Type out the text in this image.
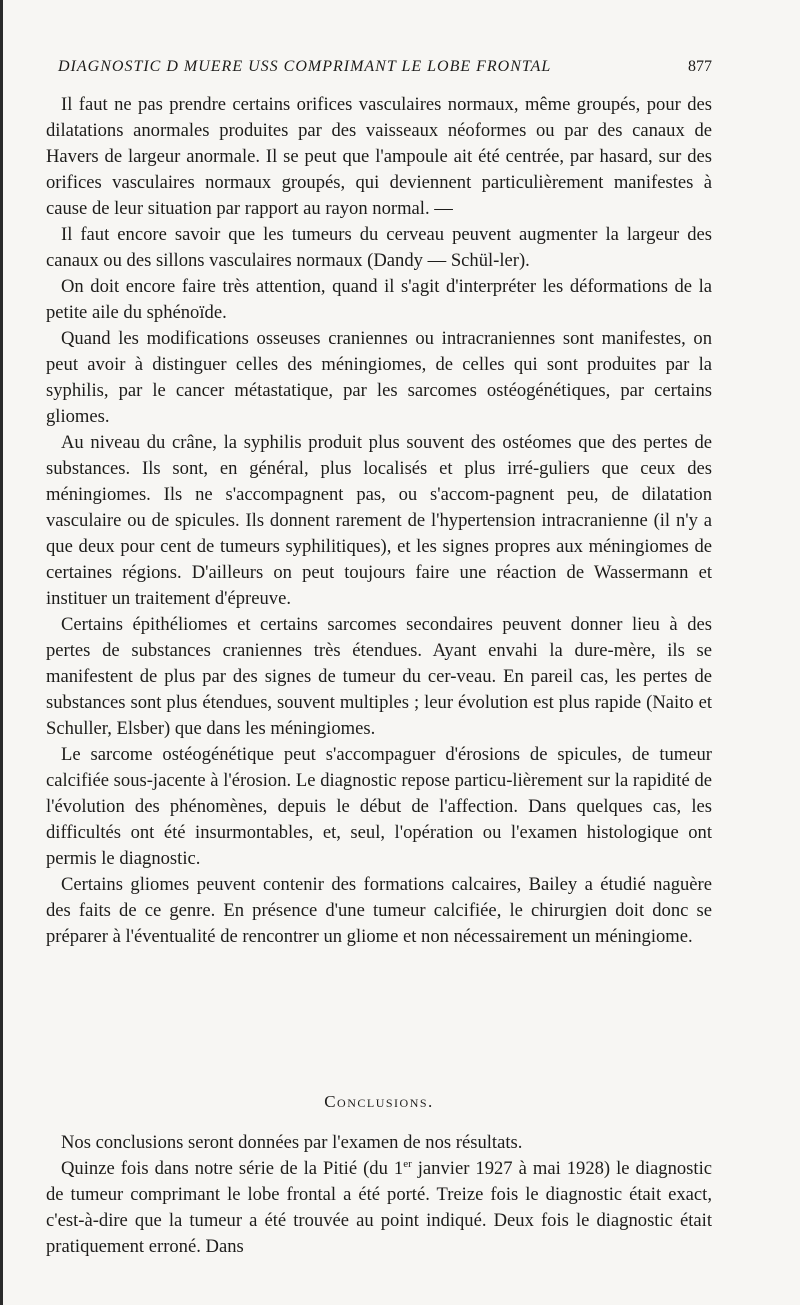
DIAGNOSTIC D MUERE USS COMPRIMANT LE LOBE FRONTAL	877

Il faut ne pas prendre certains orifices vasculaires normaux, même groupés, pour des dilatations anormales produites par des vaisseaux néoformes ou par des canaux de Havers de largeur anormale. Il se peut que l'ampoule ait été centrée, par hasard, sur des orifices vasculaires normaux groupés, qui deviennent particulièrement manifestes à cause de leur situation par rapport au rayon normal. —

Il faut encore savoir que les tumeurs du cerveau peuvent augmenter la largeur des canaux ou des sillons vasculaires normaux (Dandy — Schül-ler).

On doit encore faire très attention, quand il s'agit d'interpréter les déformations de la petite aile du sphénoïde.

Quand les modifications osseuses craniennes ou intracraniennes sont manifestes, on peut avoir à distinguer celles des méningiomes, de celles qui sont produites par la syphilis, par le cancer métastatique, par les sarcomes ostéogénétiques, par certains gliomes.

Au niveau du crâne, la syphilis produit plus souvent des ostéomes que des pertes de substances. Ils sont, en général, plus localisés et plus irré-guliers que ceux des méningiomes. Ils ne s'accompagnent pas, ou s'accom-pagnent peu, de dilatation vasculaire ou de spicules. Ils donnent rarement de l'hypertension intracranienne (il n'y a que deux pour cent de tumeurs syphilitiques), et les signes propres aux méningiomes de certaines régions. D'ailleurs on peut toujours faire une réaction de Wassermann et instituer un traitement d'épreuve.

Certains épithéliomes et certains sarcomes secondaires peuvent donner lieu à des pertes de substances craniennes très étendues. Ayant envahi la dure-mère, ils se manifestent de plus par des signes de tumeur du cer-veau. En pareil cas, les pertes de substances sont plus étendues, souvent multiples ; leur évolution est plus rapide (Naito et Schuller, Elsber) que dans les méningiomes.

Le sarcome ostéogénétique peut s'accompaguer d'érosions de spicules, de tumeur calcifiée sous-jacente à l'érosion. Le diagnostic repose particu-lièrement sur la rapidité de l'évolution des phénomènes, depuis le début de l'affection. Dans quelques cas, les difficultés ont été insurmontables, et, seul, l'opération ou l'examen histologique ont permis le diagnostic.

Certains gliomes peuvent contenir des formations calcaires, Bailey a étudié naguère des faits de ce genre. En présence d'une tumeur calcifiée, le chirurgien doit donc se préparer à l'éventualité de rencontrer un gliome et non nécessairement un méningiome.

Conclusions.

Nos conclusions seront données par l'examen de nos résultats.

Quinze fois dans notre série de la Pitié (du 1er janvier 1927 à mai 1928) le diagnostic de tumeur comprimant le lobe frontal a été porté. Treize fois le diagnostic était exact, c'est-à-dire que la tumeur a été trouvée au point indiqué. Deux fois le diagnostic était pratiquement erroné. Dans
